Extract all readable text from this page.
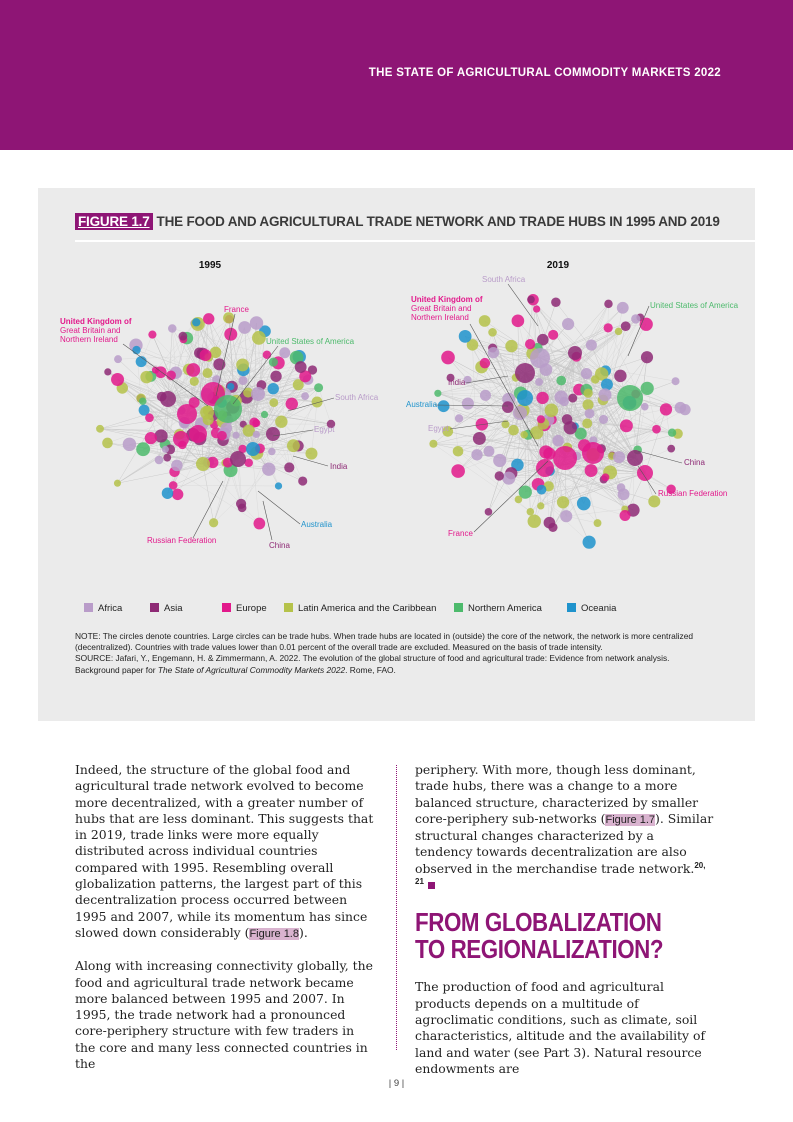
THE STATE OF AGRICULTURAL COMMODITY MARKETS 2022
FIGURE 1.7 THE FOOD AND AGRICULTURAL TRADE NETWORK AND TRADE HUBS IN 1995 AND 2019
1995
United Kingdom of Great Britain and Northern Ireland
France
United States of America
South Africa
Egypt
India
Australia
China
Russian Federation
2019
South Africa
United Kingdom of Great Britain and Northern Ireland
United States of America
India
Australia
Egypt
China
Russian Federation
France
Africa	Asia	Europe	Latin America and the Caribbean	Northern America	Oceania
NOTE: The circles denote countries. Large circles can be trade hubs. When trade hubs are located in (outside) the core of the network, the network is more centralized (decentralized). Countries with trade values lower than 0.01 percent of the overall trade are excluded. Measured on the basis of trade intensity.
SOURCE: Jafari, Y., Engemann, H. & Zimmermann, A. 2022. The evolution of the global structure of food and agricultural trade: Evidence from network analysis. Background paper for The State of Agricultural Commodity Markets 2022. Rome, FAO.

Indeed, the structure of the global food and agricultural trade network evolved to become more decentralized, with a greater number of hubs that are less dominant. This suggests that in 2019, trade links were more equally distributed across individual countries compared with 1995. Resembling overall globalization patterns, the largest part of this decentralization process occurred between 1995 and 2007, while its momentum has since slowed down considerably (Figure 1.8).

Along with increasing connectivity globally, the food and agricultural trade network became more balanced between 1995 and 2007. In 1995, the trade network had a pronounced core-periphery structure with few traders in the core and many less connected countries in the

periphery. With more, though less dominant, trade hubs, there was a change to a more balanced structure, characterized by smaller core-periphery sub-networks (Figure 1.7). Similar structural changes characterized by a tendency towards decentralization are also observed in the merchandise trade network.$^{20, 21}$

FROM GLOBALIZATION
TO REGIONALIZATION?

The production of food and agricultural products depends on a multitude of agroclimatic conditions, such as climate, soil characteristics, altitude and the availability of land and water (see Part 3). Natural resource endowments are

| 9 |
